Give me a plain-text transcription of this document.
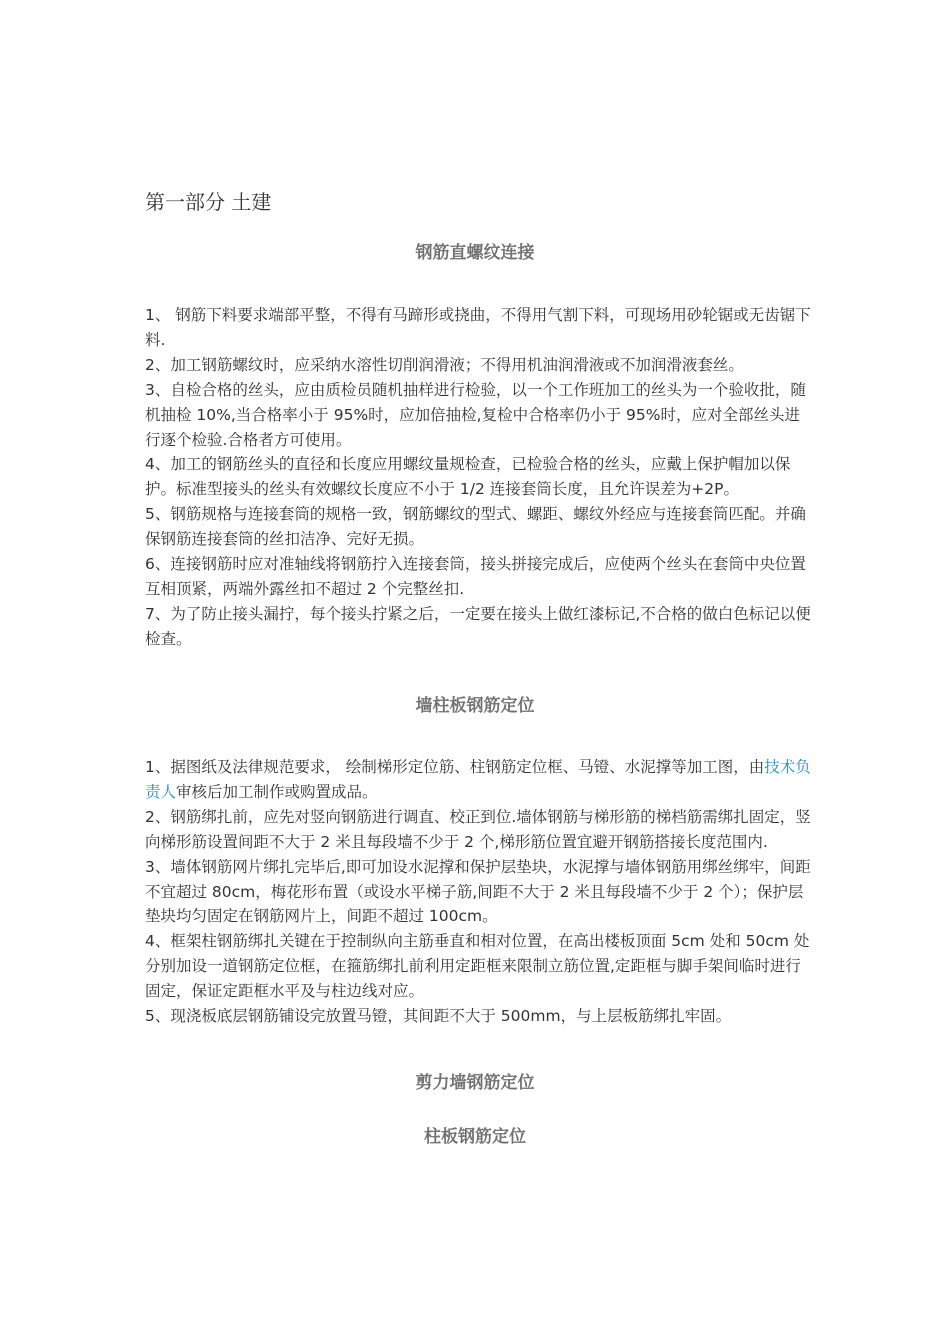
第一部分 土建
钢筋直螺纹连接

1、 钢筋下料要求端部平整，不得有马蹄形或挠曲，不得用气割下料，可现场用砂轮锯或无齿锯下料.

2、加工钢筋螺纹时，应采纳水溶性切削润滑液；不得用机油润滑液或不加润滑液套丝。

3、自检合格的丝头，应由质检员随机抽样进行检验，以一个工作班加工的丝头为一个验收批，随机抽检 10%,当合格率小于 95%时，应加倍抽检,复检中合格率仍小于 95%时，应对全部丝头进行逐个检验.合格者方可使用。

4、加工的钢筋丝头的直径和长度应用螺纹量规检查，已检验合格的丝头，应戴上保护帽加以保护。标准型接头的丝头有效螺纹长度应不小于 1/2 连接套筒长度，且允许误差为+2P。

5、钢筋规格与连接套筒的规格一致，钢筋螺纹的型式、螺距、螺纹外经应与连接套筒匹配。并确保钢筋连接套筒的丝扣洁净、完好无损。

6、连接钢筋时应对准轴线将钢筋拧入连接套筒，接头拼接完成后，应使两个丝头在套筒中央位置互相顶紧，两端外露丝扣不超过 2 个完整丝扣.

7、为了防止接头漏拧，每个接头拧紧之后，一定要在接头上做红漆标记,不合格的做白色标记以便检查。

墙柱板钢筋定位

1、据图纸及法律规范要求， 绘制梯形定位筋、柱钢筋定位框、马镫、水泥撑等加工图，由技术负责人审核后加工制作或购置成品。

2、钢筋绑扎前，应先对竖向钢筋进行调直、校正到位.墙体钢筋与梯形筋的梯档筋需绑扎固定，竖向梯形筋设置间距不大于 2 米且每段墙不少于 2 个,梯形筋位置宜避开钢筋搭接长度范围内.

3、墙体钢筋网片绑扎完毕后,即可加设水泥撑和保护层垫块，水泥撑与墙体钢筋用绑丝绑牢，间距不宜超过 80cm，梅花形布置（或设水平梯子筋,间距不大于 2 米且每段墙不少于 2 个）；保护层垫块均匀固定在钢筋网片上，间距不超过 100cm。

4、框架柱钢筋绑扎关键在于控制纵向主筋垂直和相对位置，在高出楼板顶面 5cm 处和 50cm 处分别加设一道钢筋定位框，在箍筋绑扎前利用定距框来限制立筋位置,定距框与脚手架间临时进行固定，保证定距框水平及与柱边线对应。

5、现浇板底层钢筋铺设完放置马镫，其间距不大于 500mm，与上层板筋绑扎牢固。

剪力墙钢筋定位
柱板钢筋定位
